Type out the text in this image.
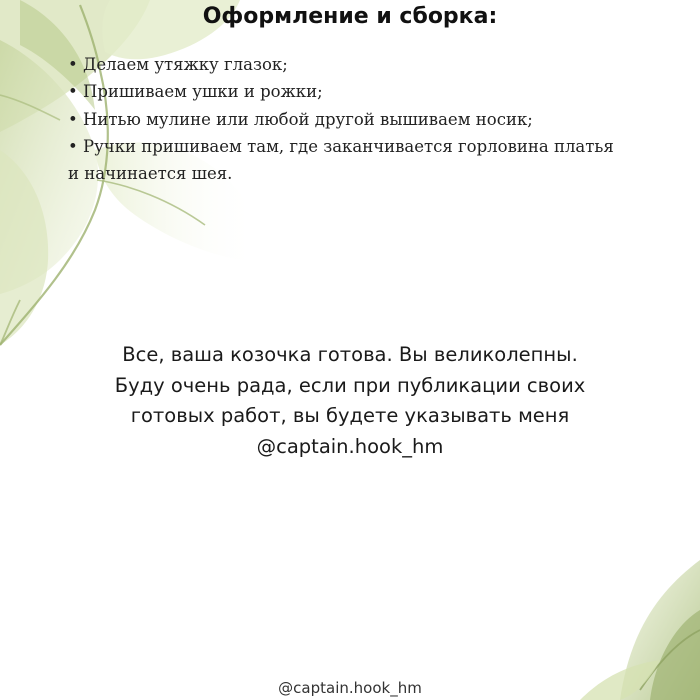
Оформление и сборка:
• Делаем утяжку глазок;
• Пришиваем ушки и рожки;
• Нитью мулине или любой другой вышиваем носик;
• Ручки пришиваем там, где заканчивается горловина платья и начинается шея.

Все, ваша козочка готова. Вы великолепны.
Буду очень рада, если при публикации своих
готовых работ, вы будете указывать меня
@captain.hook_hm

@captain.hook_hm
